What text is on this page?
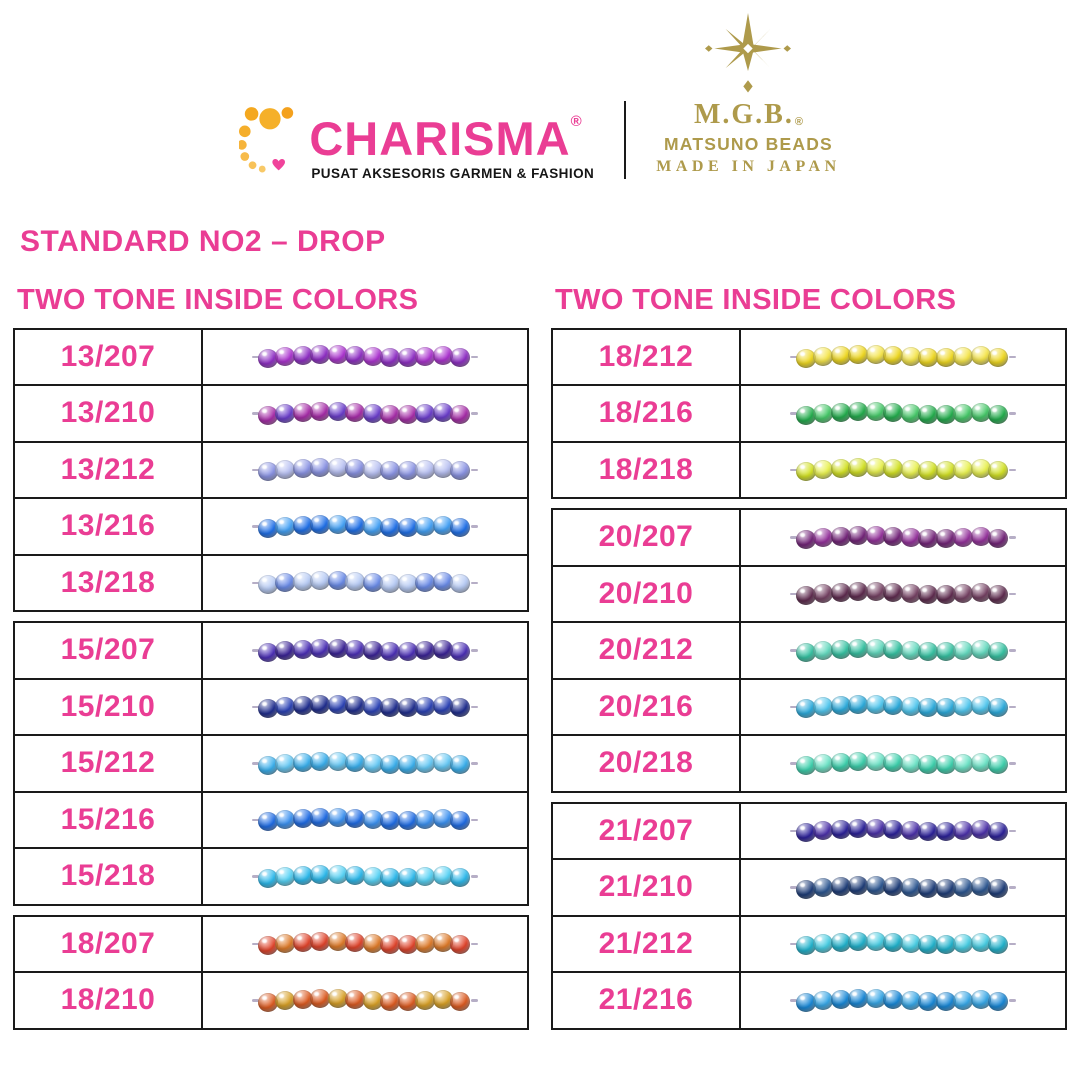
CHARISMA ®
PUSAT AKSESORIS GARMEN & FASHION
M.G.B. ®
MATSUNO BEADS
MADE IN JAPAN
STANDARD NO2 – DROP
TWO TONE INSIDE COLORS
13/207
13/210
13/212
13/216
13/218
15/207
15/210
15/212
15/216
15/218
18/207
18/210
TWO TONE INSIDE COLORS
18/212
18/216
18/218
20/207
20/210
20/212
20/216
20/218
21/207
21/210
21/212
21/216
